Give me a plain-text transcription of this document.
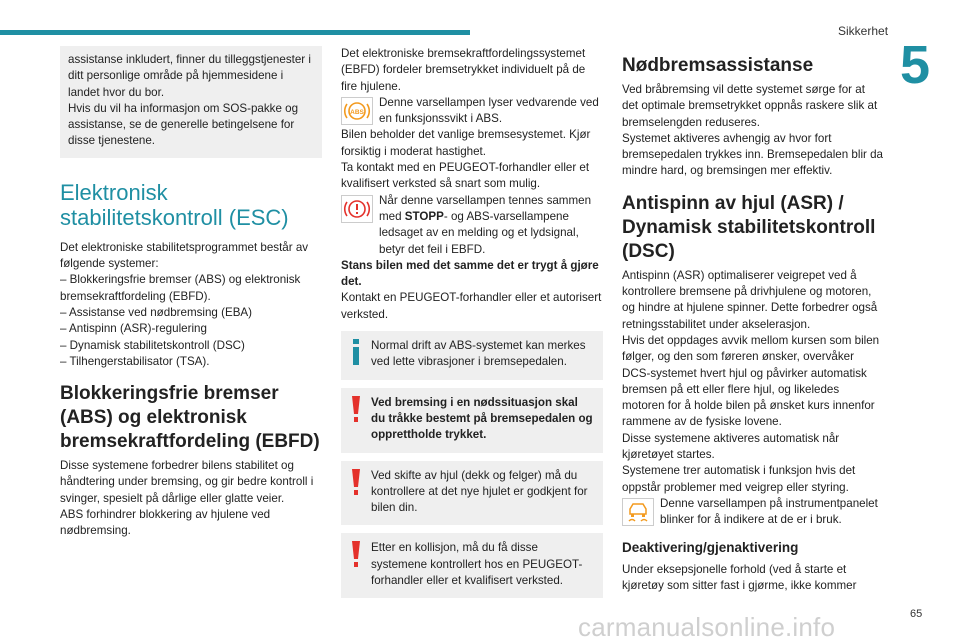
Sikkerhet
5

assistanse inkludert, finner du tilleggstjenester i ditt personlige område på hjemmesidene i landet hvor du bor.

Hvis du vil ha informasjon om SOS-pakke og assistanse, se de generelle betingelsene for disse tjenestene.

Elektronisk stabilitetskontroll (ESC)

Det elektroniske stabilitetsprogrammet består av følgende systemer:

– Blokkeringsfrie bremser (ABS) og elektronisk bremsekraftfordeling (EBFD).

– Assistanse ved nødbremsing (EBA)

– Antispinn (ASR)-regulering

– Dynamisk stabilitetskontroll (DSC)

– Tilhengerstabilisator (TSA).

Blokkeringsfrie bremser (ABS) og elektronisk bremsekraftfordeling (EBFD)

Disse systemene forbedrer bilens stabilitet og håndtering under bremsing, og gir bedre kontroll i svinger, spesielt på dårlige eller glatte veier.

ABS forhindrer blokkering av hjulene ved nødbremsing.

Det elektroniske bremsekraftfordelingssystemet (EBFD) fordeler bremsetrykket individuelt på de fire hjulene.

ABS

Denne varsellampen lyser vedvarende ved en funksjonssvikt i ABS.

Bilen beholder det vanlige bremsesystemet. Kjør forsiktig i moderat hastighet.

Ta kontakt med en PEUGEOT-forhandler eller et kvalifisert verksted så snart som mulig.

Når denne varsellampen tennes sammen med STOPP- og ABS-varsellampene ledsaget av en melding og et lydsignal, betyr det feil i EBFD.

Stans bilen med det samme det er trygt å gjøre det.

Kontakt en PEUGEOT-forhandler eller et autorisert verksted.

Normal drift av ABS-systemet kan merkes ved lette vibrasjoner i bremsepedalen.

Ved bremsing i en nødssituasjon skal du tråkke bestemt på bremsepedalen og opprettholde trykket.

Ved skifte av hjul (dekk og felger) må du kontrollere at det nye hjulet er godkjent for bilen din.

Etter en kollisjon, må du få disse systemene kontrollert hos en PEUGEOT-forhandler eller et kvalifisert verksted.

Nødbremsassistanse

Ved bråbremsing vil dette systemet sørge for at det optimale bremsetrykket oppnås raskere slik at bremselengden reduseres.

Systemet aktiveres avhengig av hvor fort bremsepedalen trykkes inn. Bremsepedalen blir da mindre hard, og bremsingen mer effektiv.

Antispinn av hjul (ASR) / Dynamisk stabilitetskontroll (DSC)

Antispinn (ASR) optimaliserer veigrepet ved å kontrollere bremsene på drivhjulene og motoren, og hindre at hjulene spinner. Dette forbedrer også retningsstabilitet under akselerasjon.

Hvis det oppdages avvik mellom kursen som bilen følger, og den som føreren ønsker, overvåker DCS-systemet hvert hjul og påvirker automatisk bremsen på ett eller flere hjul, og likeledes motoren for å holde bilen på ønsket kurs innenfor rammene av de fysiske lovene.

Disse systemene aktiveres automatisk når kjøretøyet startes.

Systemene trer automatisk i funksjon hvis det oppstår problemer med veigrep eller styring.

Denne varsellampen på instrumentpanelet blinker for å indikere at de er i bruk.

Deaktivering/gjenaktivering

Under eksepsjonelle forhold (ved å starte et kjøretøy som sitter fast i gjørme, ikke kommer

carmanualsonline.info	65
